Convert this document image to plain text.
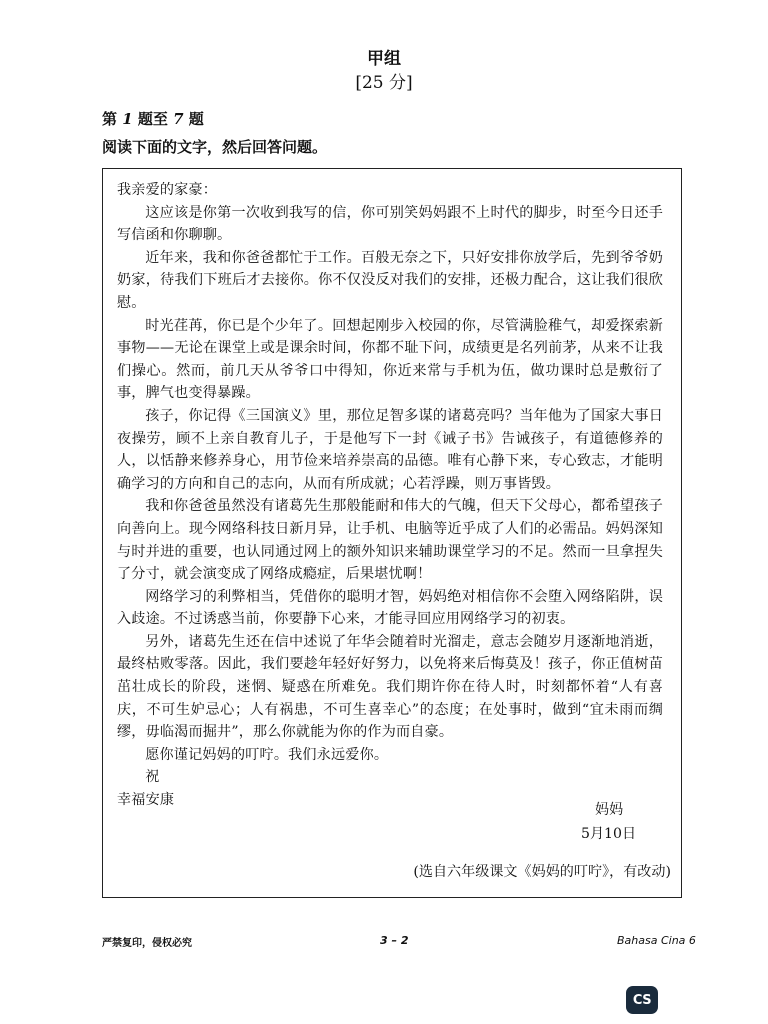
甲组
[25 分]
第 1 题至 7 题
阅读下面的文字，然后回答问题。

我亲爱的家豪：

这应该是你第一次收到我写的信，你可别笑妈妈跟不上时代的脚步，时至今日还手写信函和你聊聊。

近年来，我和你爸爸都忙于工作。百般无奈之下，只好安排你放学后，先到爷爷奶奶家，待我们下班后才去接你。你不仅没反对我们的安排，还极力配合，这让我们很欣慰。

时光荏苒，你已是个少年了。回想起刚步入校园的你，尽管满脸稚气，却爱探索新事物——无论在课堂上或是课余时间，你都不耻下问，成绩更是名列前茅，从来不让我们操心。然而，前几天从爷爷口中得知，你近来常与手机为伍，做功课时总是敷衍了事，脾气也变得暴躁。

孩子，你记得《三国演义》里，那位足智多谋的诸葛亮吗？当年他为了国家大事日夜操劳，顾不上亲自教育儿子，于是他写下一封《诫子书》告诫孩子，有道德修养的人，以恬静来修养身心，用节俭来培养崇高的品德。唯有心静下来，专心致志，才能明确学习的方向和自己的志向，从而有所成就；心若浮躁，则万事皆毁。

我和你爸爸虽然没有诸葛先生那般能耐和伟大的气魄，但天下父母心，都希望孩子向善向上。现今网络科技日新月异，让手机、电脑等近乎成了人们的必需品。妈妈深知与时并进的重要，也认同通过网上的额外知识来辅助课堂学习的不足。然而一旦拿捏失了分寸，就会演变成了网络成瘾症，后果堪忧啊！

网络学习的利弊相当，凭借你的聪明才智，妈妈绝对相信你不会堕入网络陷阱，误入歧途。不过诱惑当前，你要静下心来，才能寻回应用网络学习的初衷。

另外，诸葛先生还在信中述说了年华会随着时光溜走，意志会随岁月逐渐地消逝，最终枯败零落。因此，我们要趁年轻好好努力，以免将来后悔莫及！孩子，你正值树苗茁壮成长的阶段，迷惘、疑惑在所难免。我们期许你在待人时，时刻都怀着“人有喜庆，不可生妒忌心；人有祸患，不可生喜幸心”的态度；在处事时，做到“宜未雨而绸缪，毋临渴而掘井”，那么你就能为你的作为而自豪。

愿你谨记妈妈的叮咛。我们永远爱你。

祝

幸福安康

妈妈
5月10日
(选自六年级课文《妈妈的叮咛》，有改动)
严禁复印，侵权必究	3 – 2	Bahasa Cina 6
CS
